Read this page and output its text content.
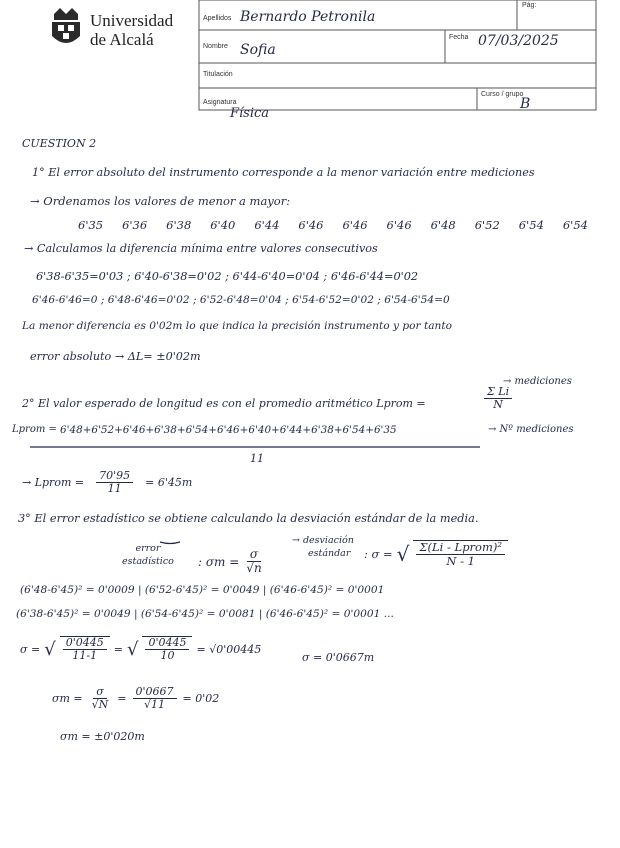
Universidad
de Alcalá
Pág:
Apellidos
Nombre
Fecha
Titulación
Asignatura
Curso / grupo
Bernardo Petronila
Sofia
07/03/2025
Física
B
CUESTION 2
1° El error absoluto del instrumento corresponde a la menor variación entre mediciones
→ Ordenamos los valores de menor a mayor:
6'35 6'36 6'38 6'40 6'44 6'46 6'46 6'46 6'48 6'52 6'54 6'54
→ Calculamos la diferencia mínima entre valores consecutivos
6'38-6'35=0'03 ; 6'40-6'38=0'02 ; 6'44-6'40=0'04 ; 6'46-6'44=0'02
6'46-6'46=0 ; 6'48-6'46=0'02 ; 6'52-6'48=0'04 ; 6'54-6'52=0'02 ; 6'54-6'54=0
La menor diferencia es 0'02m lo que indica la precisión instrumento y por tanto
error absoluto → ΔL= ±0'02m
→ mediciones
2° El valor esperado de longitud es con el promedio aritmético Lprom =	$\frac{\text{Σ Li}}{N}$
Lprom = 6'48+6'52+6'46+6'38+6'54+6'46+6'40+6'44+6'38+6'54+6'35	→ Nº mediciones
11
→ Lprom = $\frac{70'95}{11} = 6'45m$
3° El error estadístico se obtiene calculando la desviación estándar de la media.
error
estadístico : $\sigma m = \frac{\sigma}{√n}$
→ desviación
estándar : σ = √ $\frac{\text{Σ(Li - Lprom)²}}{N - 1}$
(6'48-6'45)² = 0'0009 | (6'52-6'45)² = 0'0049 | (6'46-6'45)² = 0'0001
(6'38-6'45)² = 0'0049 | (6'54-6'45)² = 0'0081 | (6'46-6'45)² = 0'0001 ...
σ = √ $\frac{0'0445}{11-1}$ = √ $\frac{0'0445}{10} = √0'00445$
σ = 0'0667m
$\sigma m = \frac{\sigma}{√N} = \frac{0'0667}{√11} = 0'02$
σm = ±0'020m
